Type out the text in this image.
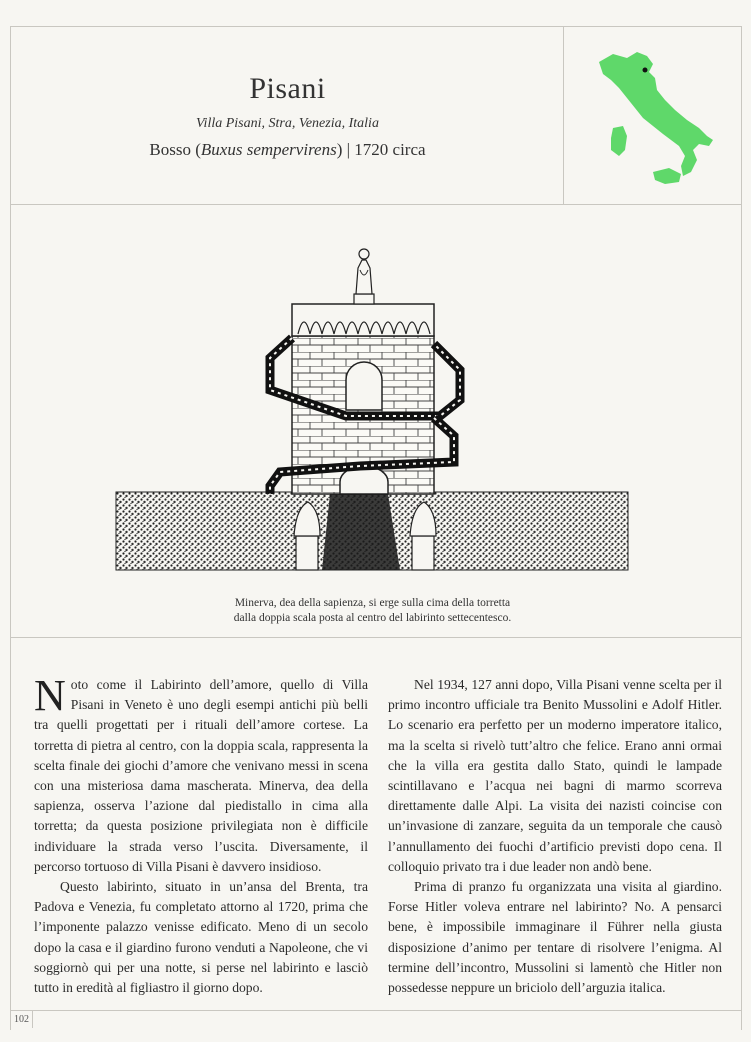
Pisani
Villa Pisani, Stra, Venezia, Italia
Bosso (Buxus sempervirens) | 1720 circa
Minerva, dea della sapienza, si erge sulla cima della torretta
dalla doppia scala posta al centro del labirinto settecentesco.

Noto come il Labirinto dell’amore, quello di Villa Pisani in Veneto è uno degli esempi antichi più belli tra quelli progettati per i rituali dell’amore cortese. La torretta di pietra al centro, con la doppia scala, rappresenta la scelta finale dei giochi d’amore che venivano messi in scena con una misteriosa dama mascherata. Minerva, dea della sapienza, osserva l’azione dal piedistallo in cima alla torretta; da questa posizione privilegiata non è difficile individuare la strada verso l’uscita. Diversamente, il percorso tortuoso di Villa Pisani è davvero insidioso.

Questo labirinto, situato in un’ansa del Brenta, tra Padova e Venezia, fu completato attorno al 1720, prima che l’imponente palazzo venisse edificato. Meno di un secolo dopo la casa e il giardino furono venduti a Napoleone, che vi soggiornò qui per una notte, si perse nel labirinto e lasciò tutto in eredità al figliastro il giorno dopo.

Nel 1934, 127 anni dopo, Villa Pisani venne scelta per il primo incontro ufficiale tra Benito Mussolini e Adolf Hitler. Lo scenario era perfetto per un moderno imperatore italico, ma la scelta si rivelò tutt’altro che felice. Erano anni ormai che la villa era gestita dallo Stato, quindi le lampade scintillavano e l’acqua nei bagni di marmo scorreva direttamente dalle Alpi. La visita dei nazisti coincise con un’invasione di zanzare, seguita da un temporale che causò l’annullamento dei fuochi d’artificio previsti dopo cena. Il colloquio privato tra i due leader non andò bene.

Prima di pranzo fu organizzata una visita al giardino. Forse Hitler voleva entrare nel labirinto? No. A pensarci bene, è impossibile immaginare il Führer nella giusta disposizione d’animo per tentare di risolvere l’enigma. Al termine dell’incontro, Mussolini si lamentò che Hitler non possedesse neppure un briciolo dell’arguzia italica.

102
